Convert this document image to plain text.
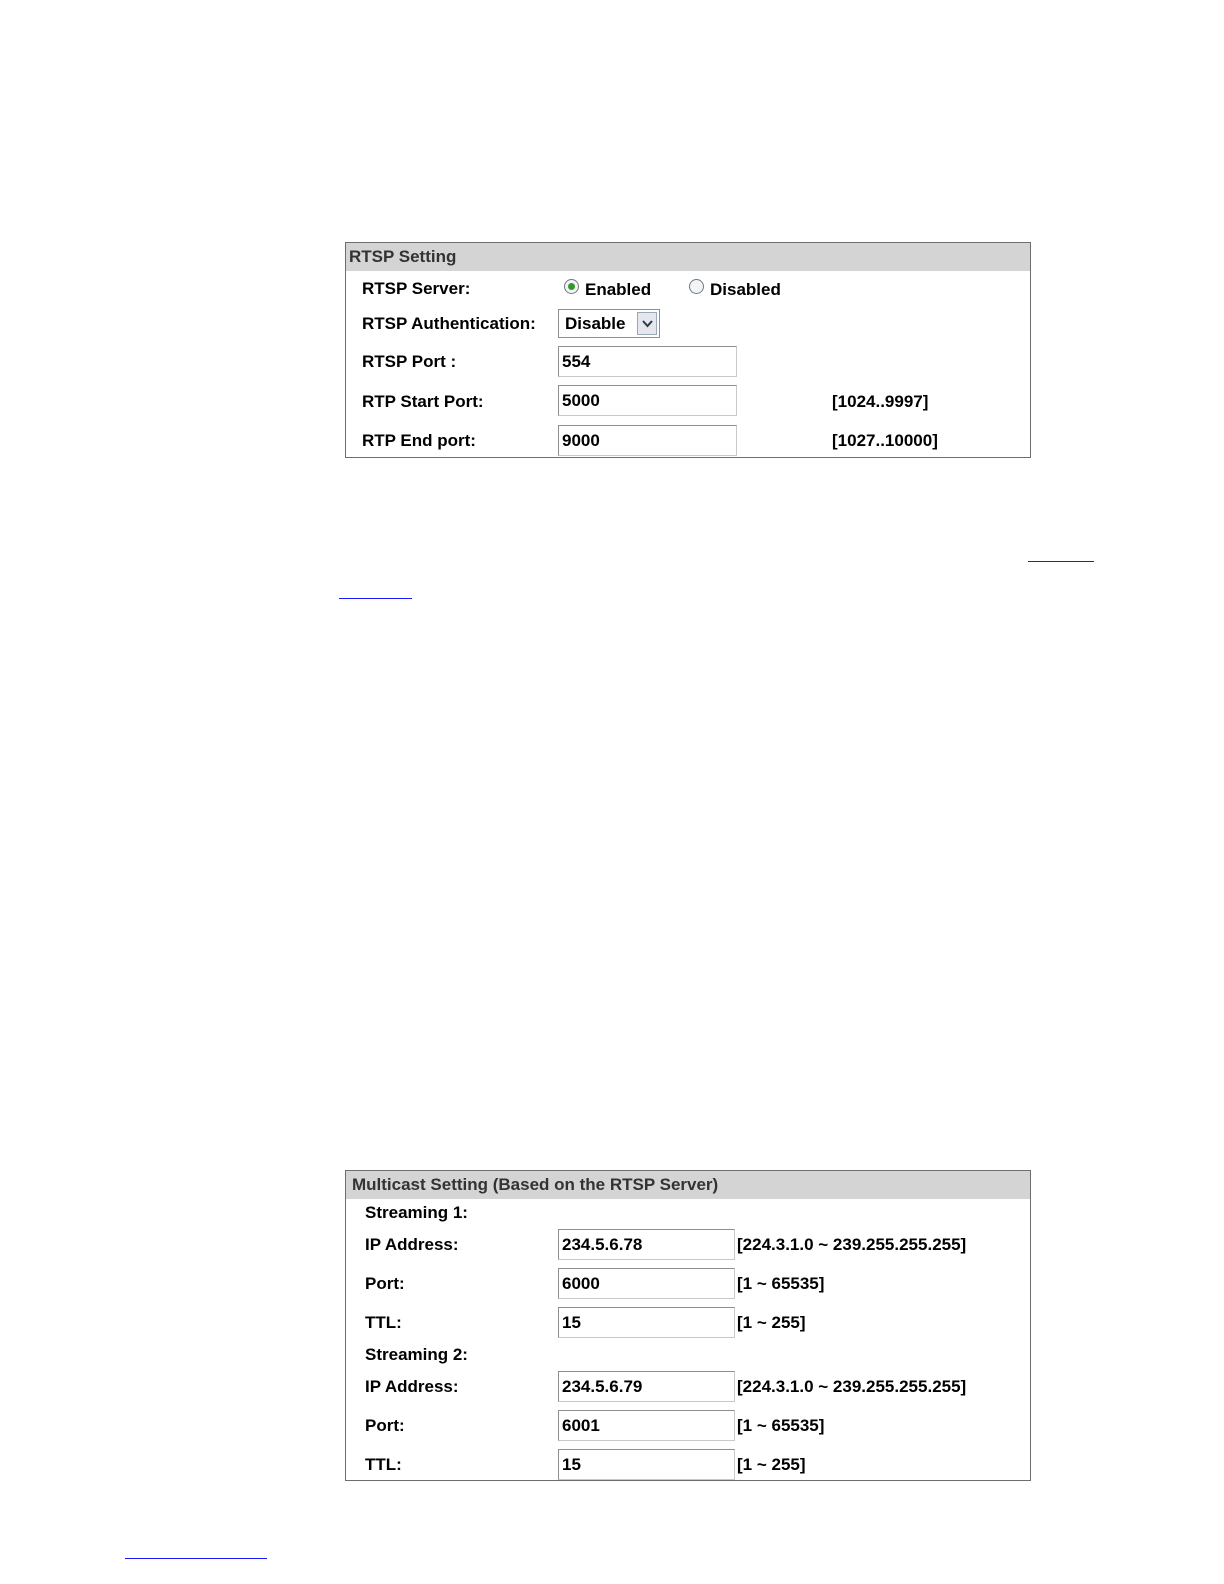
RTSP Setting
RTSP Server:	Enabled	Disabled
RTSP Authentication: Disable
RTSP Port :
554
RTP Start Port:
5000	[1024..9997]
RTP End port:
9000	[1027..10000]
Multicast Setting (Based on the RTSP Server)
Streaming 1:
IP Address:
234.5.6.78	[224.3.1.0 ~ 239.255.255.255]
Port:
6000	[1 ~ 65535]
TTL:
15	[1 ~ 255]
Streaming 2:
IP Address:
234.5.6.79	[224.3.1.0 ~ 239.255.255.255]
Port:
6001	[1 ~ 65535]
TTL:
15	[1 ~ 255]
